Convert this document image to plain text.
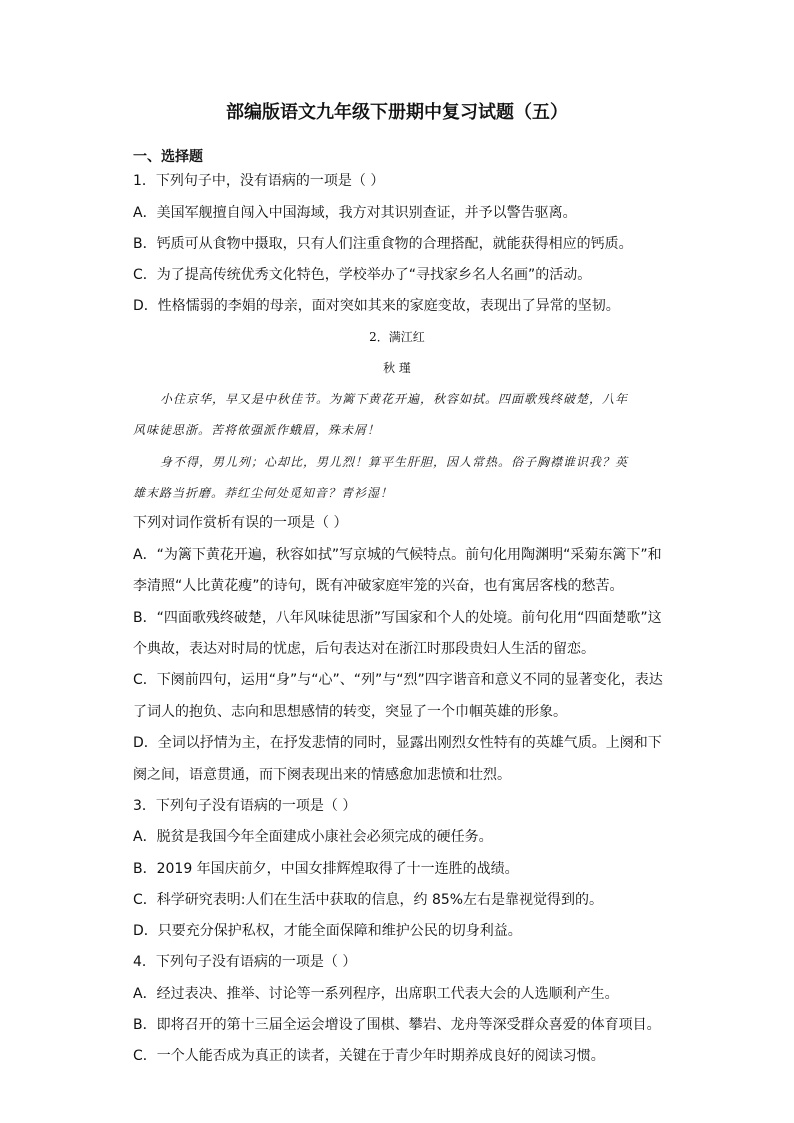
部编版语文九年级下册期中复习试题（五）
一、选择题
1．下列句子中，没有语病的一项是（ ）
A．美国军舰擅自闯入中国海域，我方对其识别查证，并予以警告驱离。
B．钙质可从食物中摄取，只有人们注重食物的合理搭配，就能获得相应的钙质。
C．为了提高传统优秀文化特色，学校举办了“寻找家乡名人名画”的活动。
D．性格懦弱的李娟的母亲，面对突如其来的家庭变故，表现出了异常的坚韧。
2．满江红
秋 瑾
小住京华，早又是中秋佳节。为篱下黄花开遍，秋容如拭。四面歌残终破楚，八年
风味徒思浙。苦将侬强派作蛾眉，殊未屑！
身不得，男儿列；心却比，男儿烈！算平生肝胆，因人常热。俗子胸襟谁识我？英
雄末路当折磨。莽红尘何处觅知音？青衫湿！
下列对词作赏析有误的一项是（ ）
A．“为篱下黄花开遍，秋容如拭”写京城的气候特点。前句化用陶渊明“采菊东篱下”和
李清照“人比黄花瘦”的诗句，既有冲破家庭牢笼的兴奋，也有寓居客栈的愁苦。
B．“四面歌残终破楚，八年风味徒思浙”写国家和个人的处境。前句化用“四面楚歌”这
个典故，表达对时局的忧虑，后句表达对在浙江时那段贵妇人生活的留恋。
C．下阕前四句，运用“身”与“心”、“列”与“烈”四字谐音和意义不同的显著变化，表达
了词人的抱负、志向和思想感情的转变，突显了一个巾帼英雄的形象。
D．全词以抒情为主，在抒发悲情的同时，显露出刚烈女性特有的英雄气质。上阕和下
阕之间，语意贯通，而下阕表现出来的情感愈加悲愤和壮烈。
3．下列句子没有语病的一项是（ ）
A．脱贫是我国今年全面建成小康社会必须完成的硬任务。
B．2019 年国庆前夕，中国女排辉煌取得了十一连胜的战绩。
C．科学研究表明:人们在生活中获取的信息，约 85%左右是靠视觉得到的。
D．只要充分保护私权，才能全面保障和维护公民的切身利益。
4．下列句子没有语病的一项是（ ）
A．经过表决、推举、讨论等一系列程序，出席职工代表大会的人选顺利产生。
B．即将召开的第十三届全运会增设了围棋、攀岩、龙舟等深受群众喜爱的体育项目。
C．一个人能否成为真正的读者，关键在于青少年时期养成良好的阅读习惯。
